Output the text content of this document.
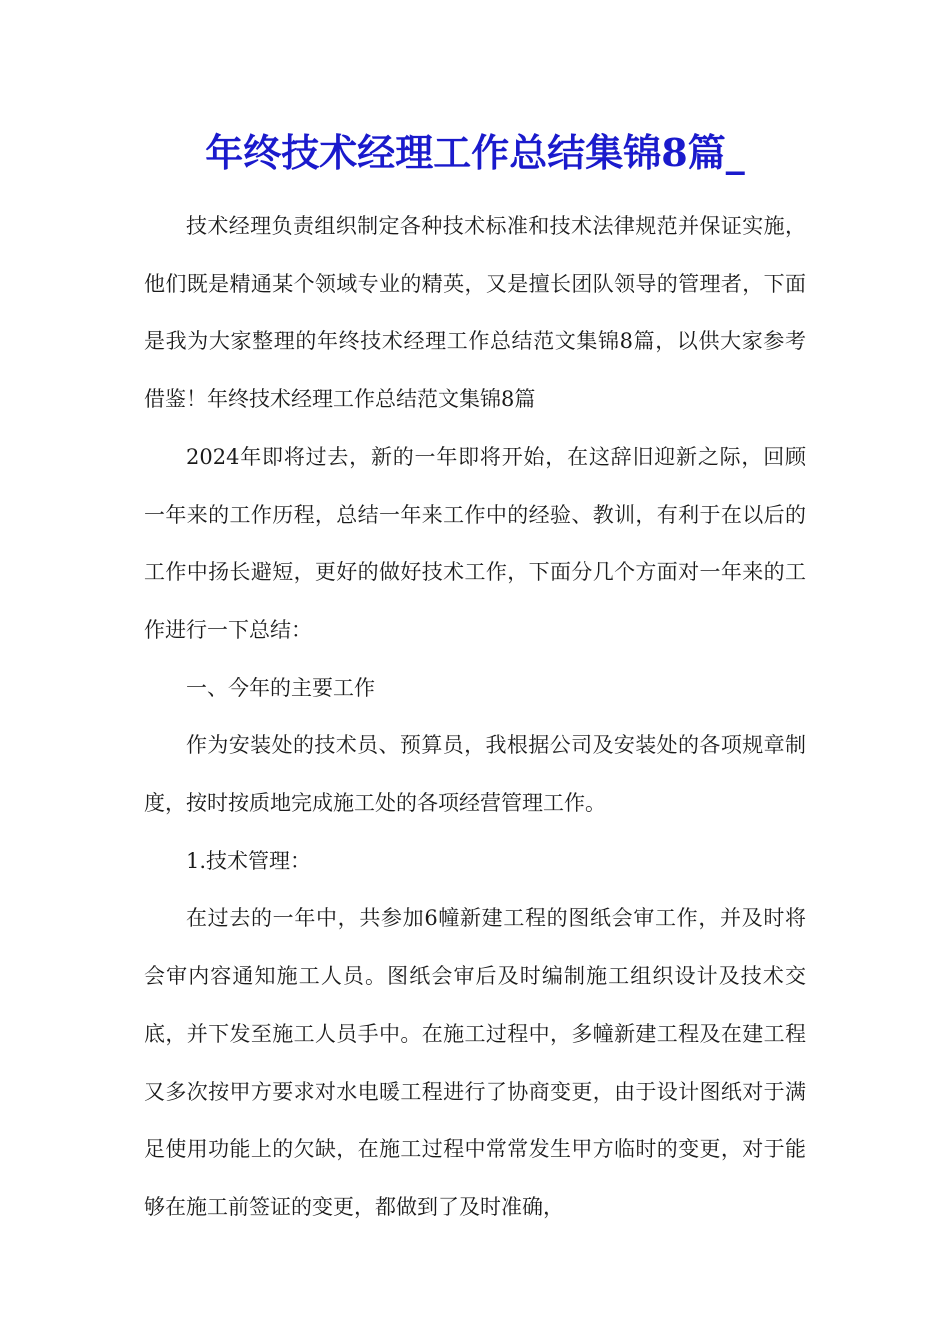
年终技术经理工作总结集锦8篇_

技术经理负责组织制定各种技术标准和技术法律规范并保证实施，他们既是精通某个领域专业的精英，又是擅长团队领导的管理者，下面是我为大家整理的年终技术经理工作总结范文集锦8篇，以供大家参考借鉴！年终技术经理工作总结范文集锦8篇

2024年即将过去，新的一年即将开始，在这辞旧迎新之际，回顾一年来的工作历程，总结一年来工作中的经验、教训，有利于在以后的工作中扬长避短，更好的做好技术工作，下面分几个方面对一年来的工作进行一下总结：

一、今年的主要工作

作为安装处的技术员、预算员，我根据公司及安装处的各项规章制度，按时按质地完成施工处的各项经营管理工作。

1.技术管理：

在过去的一年中，共参加6幢新建工程的图纸会审工作，并及时将会审内容通知施工人员。图纸会审后及时编制施工组织设计及技术交底，并下发至施工人员手中。在施工过程中，多幢新建工程及在建工程又多次按甲方要求对水电暖工程进行了协商变更，由于设计图纸对于满足使用功能上的欠缺，在施工过程中常常发生甲方临时的变更，对于能够在施工前签证的变更，都做到了及时准确，
